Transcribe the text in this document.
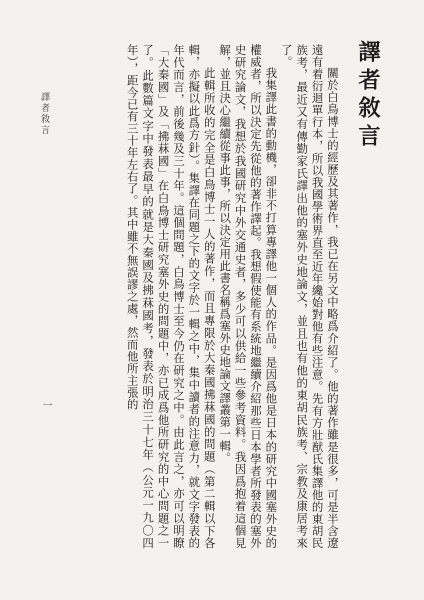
譯者敘言

關於白鳥博士的經歷及其著作，我已在另文中略爲介紹了。他的著作雖是很多，可是半含遼遠有着衍迴單行本，所以我國學術界直至近年纔始對他有些注意。先有方壯猷氏集譯他的東胡民族考，最近又有傳勤家氏譯出他的塞外史地論文，並且也有他的東胡民族考、宗教及康居考來了。

我集譯此書的動機，卻非不打算專譯他一個人的作品。是因爲他是日本的研究中國塞外史的權威者，所以決定先從他的著作譯起。我想假使能有系統地繼續介紹那些日本學者所發表的塞外史研究論文，我想於我國研究中外交通史者，多少可以供給一些參考資料。我因爲抱着這個見解，並且決心繼續從事此事，所以決定用此書名稱爲塞外史地論文譯叢第一輯。

此輯所收的完全是白鳥博士一人的著作，而且專限於大秦國拂菻國的問題（第二輯以下各輯，亦擬以此爲方針）。集譯在同題之下的文字於一輯之中，集中讀者的注意力，就文字發表的年代而言，前後幾及三十年。這個問題，白鳥博士至今仍在研究之中。由此言之，亦可以明瞭「大秦國」及「拂菻國」在白鳥博士研究塞外史的問題中，亦已成爲他所研究的中心問題之一了。此數篇文字中發表最早的就是大秦國及拂菻國考，發表於明治三十七年（公元一九〇四年），距今已有三十年左右了。其中雖不無誤謬之處，然而他所主張的

譯者敘言
一
